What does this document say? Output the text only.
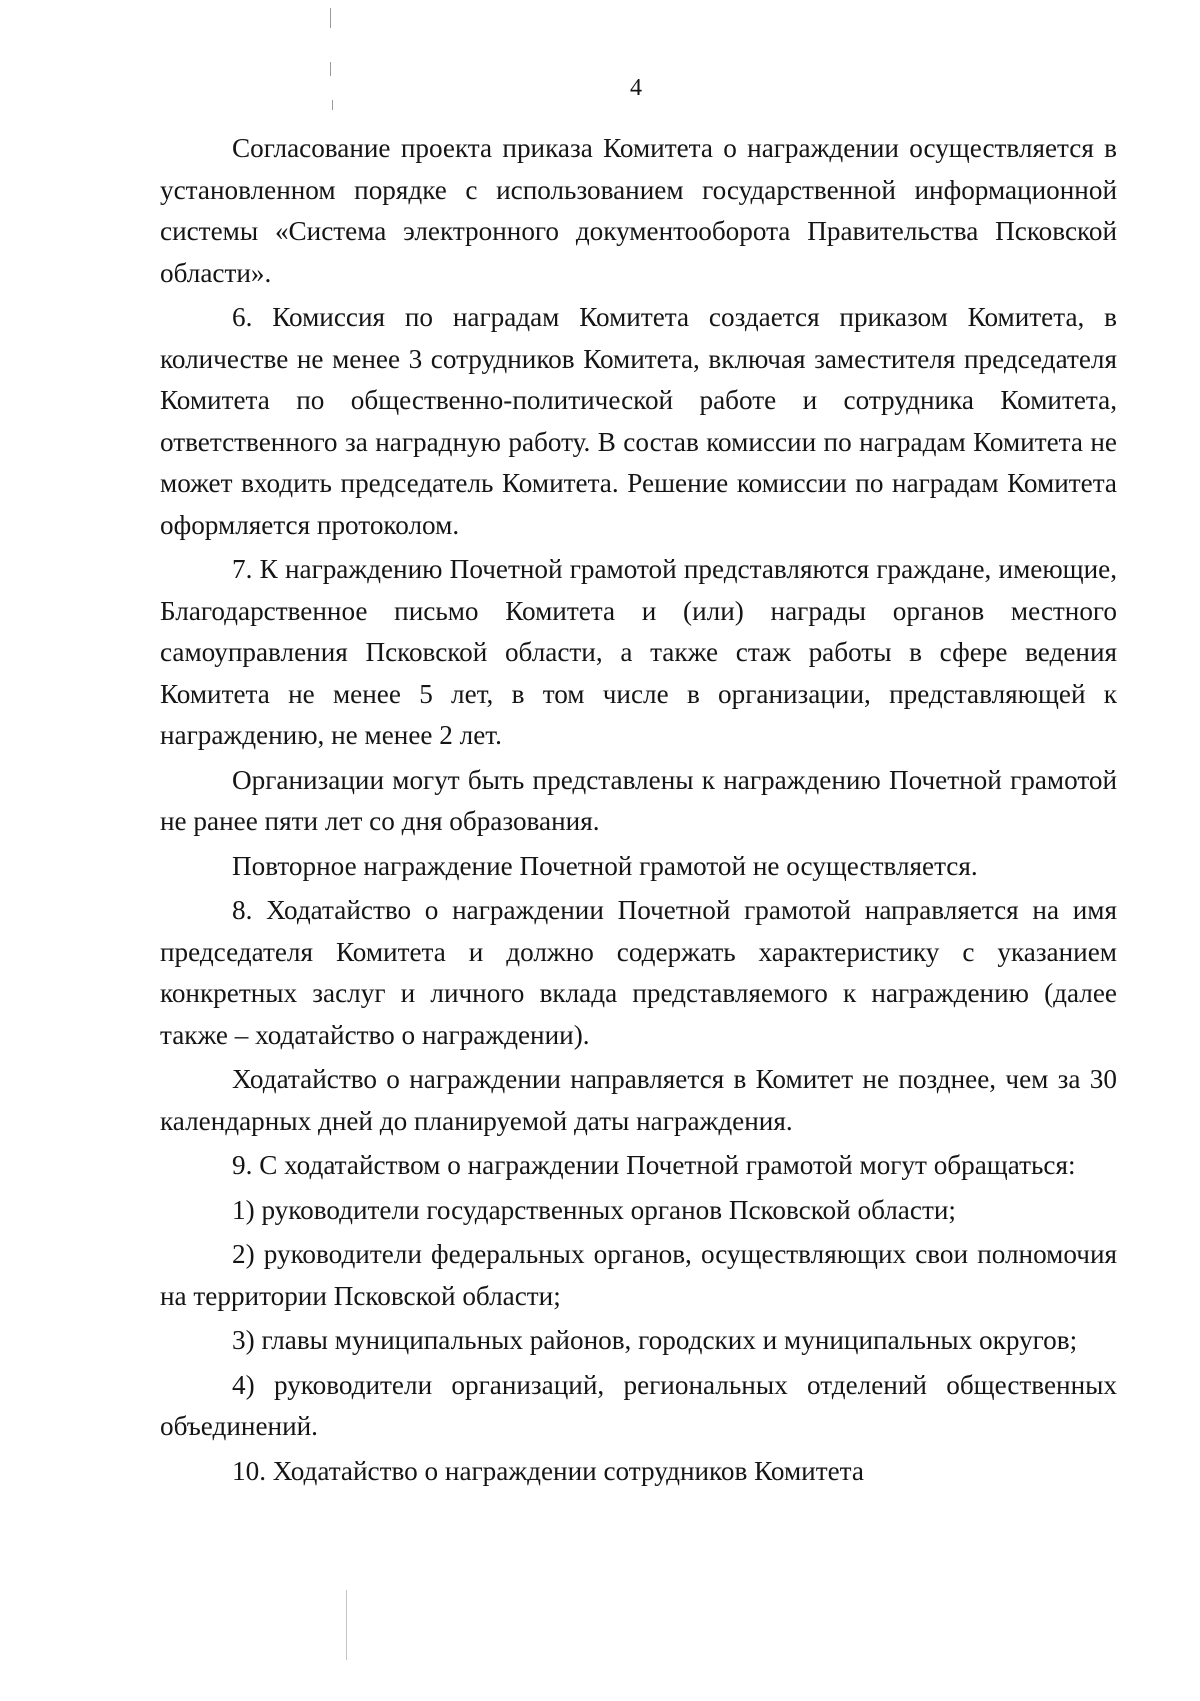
4

Согласование проекта приказа Комитета о награждении осуществляется в установленном порядке с использованием государственной информационной системы «Система электронного документооборота Правительства Псковской области».

6. Комиссия по наградам Комитета создается приказом Комитета, в количестве не менее 3 сотрудников Комитета, включая заместителя председателя Комитета по общественно-политической работе и сотрудника Комитета, ответственного за наградную работу. В состав комиссии по наградам Комитета не может входить председатель Комитета. Решение комиссии по наградам Комитета оформляется протоколом.

7. К награждению Почетной грамотой представляются граждане, имеющие, Благодарственное письмо Комитета и (или) награды органов местного самоуправления Псковской области, а также стаж работы в сфере ведения Комитета не менее 5 лет, в том числе в организации, представляющей к награждению, не менее 2 лет.

Организации могут быть представлены к награждению Почетной грамотой не ранее пяти лет со дня образования.

Повторное награждение Почетной грамотой не осуществляется.

8. Ходатайство о награждении Почетной грамотой направляется на имя председателя Комитета и должно содержать характеристику с указанием конкретных заслуг и личного вклада представляемого к награждению (далее также – ходатайство о награждении).

Ходатайство о награждении направляется в Комитет не позднее, чем за 30 календарных дней до планируемой даты награждения.

9. С ходатайством о награждении Почетной грамотой могут обращаться:

1) руководители государственных органов Псковской области;

2) руководители федеральных органов, осуществляющих свои полномочия на территории Псковской области;

3) главы муниципальных районов, городских и муниципальных округов;

4) руководители организаций, региональных отделений общественных объединений.

10. Ходатайство о награждении сотрудников Комитета
